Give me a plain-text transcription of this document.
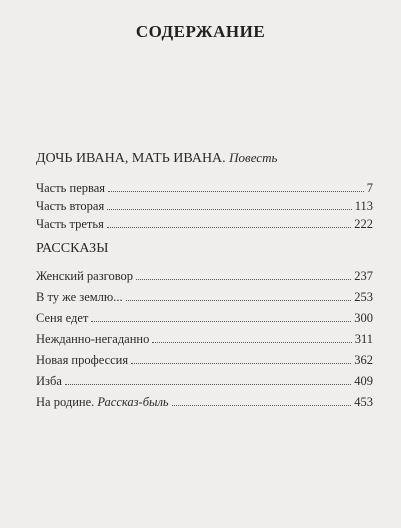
СОДЕРЖАНИЕ
ДОЧЬ ИВАНА, МАТЬ ИВАНА. Повесть
Часть первая	7
Часть вторая	113
Часть третья	222
РАССКАЗЫ
Женский разговор	237
В ту же землю...	253
Сеня едет	300
Нежданно-негаданно	311
Новая профессия	362
Изба	409
На родине. Рассказ-быль	453
